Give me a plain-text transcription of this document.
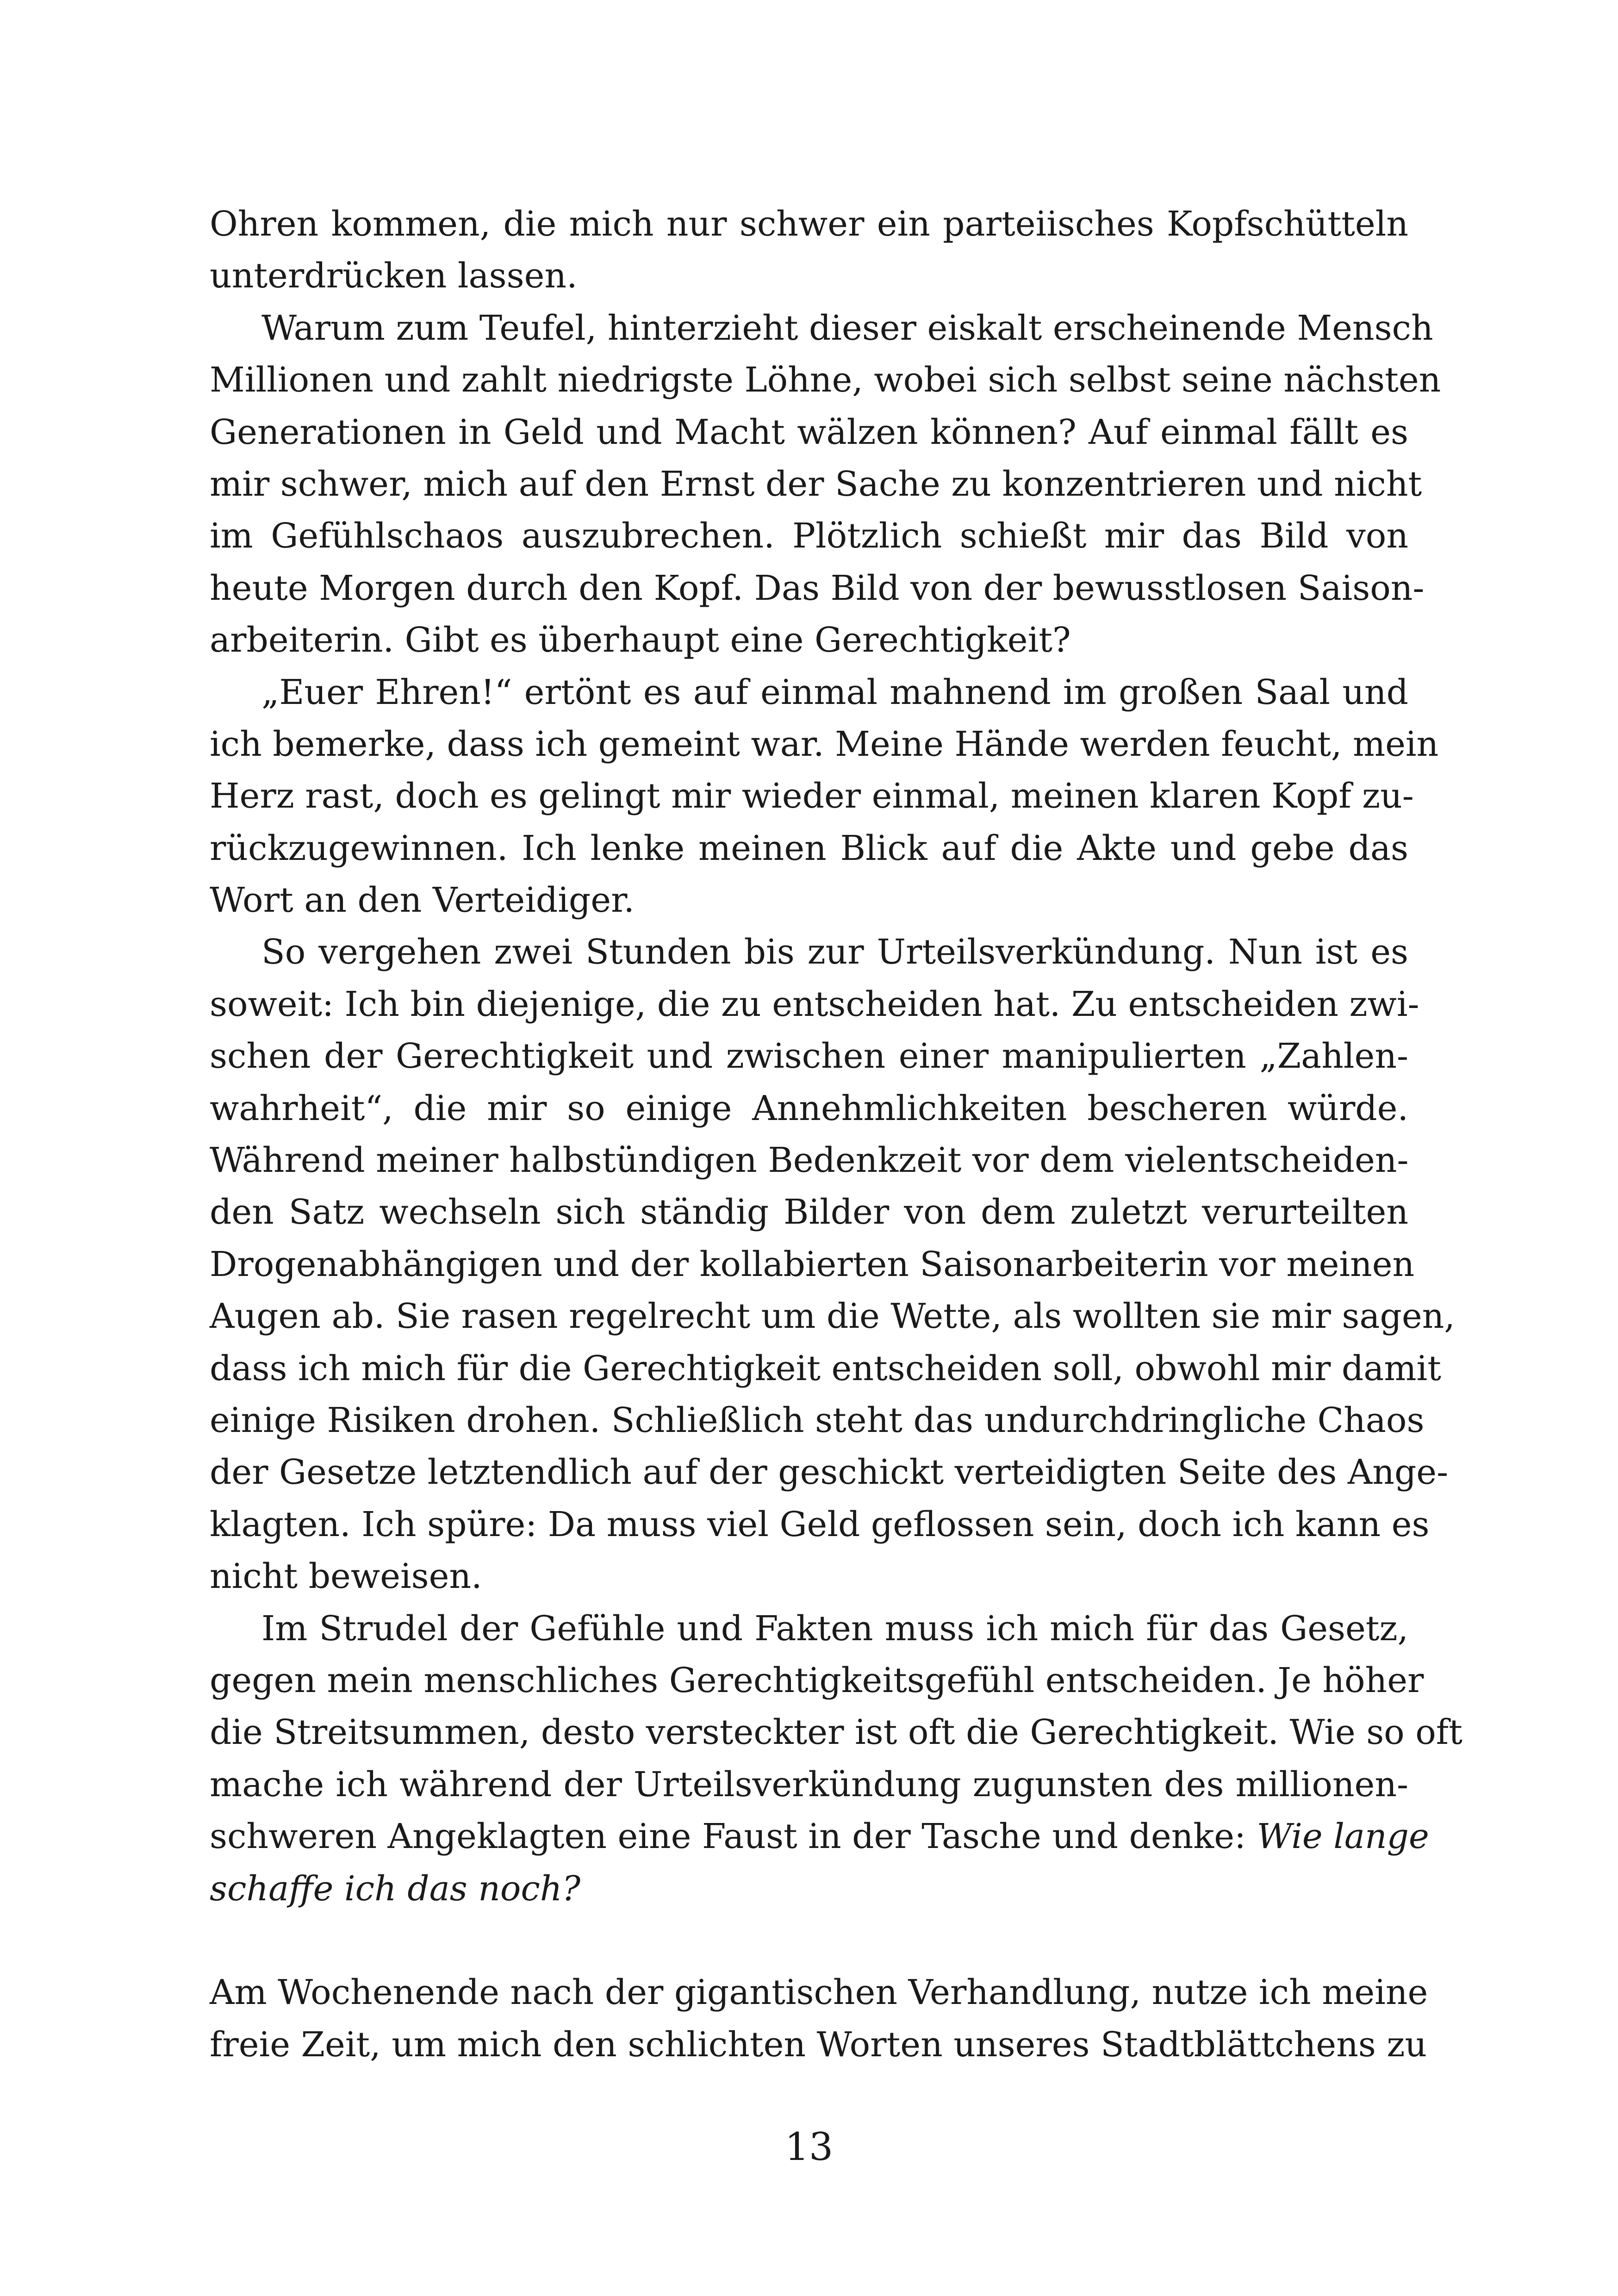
Ohren kommen, die mich nur schwer ein parteiisches Kopfschütteln
unterdrücken lassen.
Warum zum Teufel, hinterzieht dieser eiskalt erscheinende Mensch
Millionen und zahlt niedrigste Löhne, wobei sich selbst seine nächsten
Generationen in Geld und Macht wälzen können? Auf einmal fällt es
mir schwer, mich auf den Ernst der Sache zu konzentrieren und nicht
im Gefühlschaos auszubrechen. Plötzlich schießt mir das Bild von
heute Morgen durch den Kopf. Das Bild von der bewusstlosen Saison-
arbeiterin. Gibt es überhaupt eine Gerechtigkeit?
„Euer Ehren!“ ertönt es auf einmal mahnend im großen Saal und
ich bemerke, dass ich gemeint war. Meine Hände werden feucht, mein
Herz rast, doch es gelingt mir wieder einmal, meinen klaren Kopf zu-
rückzugewinnen. Ich lenke meinen Blick auf die Akte und gebe das
Wort an den Verteidiger.
So vergehen zwei Stunden bis zur Urteilsverkündung. Nun ist es
soweit: Ich bin diejenige, die zu entscheiden hat. Zu entscheiden zwi-
schen der Gerechtigkeit und zwischen einer manipulierten „Zahlen-
wahrheit“, die mir so einige Annehmlichkeiten bescheren würde.
Während meiner halbstündigen Bedenkzeit vor dem vielentscheiden-
den Satz wechseln sich ständig Bilder von dem zuletzt verurteilten
Drogenabhängigen und der kollabierten Saisonarbeiterin vor meinen
Augen ab. Sie rasen regelrecht um die Wette, als wollten sie mir sagen,
dass ich mich für die Gerechtigkeit entscheiden soll, obwohl mir damit
einige Risiken drohen. Schließlich steht das undurchdringliche Chaos
der Gesetze letztendlich auf der geschickt verteidigten Seite des Ange-
klagten. Ich spüre: Da muss viel Geld geflossen sein, doch ich kann es
nicht beweisen.
Im Strudel der Gefühle und Fakten muss ich mich für das Gesetz,
gegen mein menschliches Gerechtigkeitsgefühl entscheiden. Je höher
die Streitsummen, desto versteckter ist oft die Gerechtigkeit. Wie so oft
mache ich während der Urteilsverkündung zugunsten des millionen-
schweren Angeklagten eine Faust in der Tasche und denke: Wie lange
schaffe ich das noch?
Am Wochenende nach der gigantischen Verhandlung, nutze ich meine
freie Zeit, um mich den schlichten Worten unseres Stadtblättchens zu
13
